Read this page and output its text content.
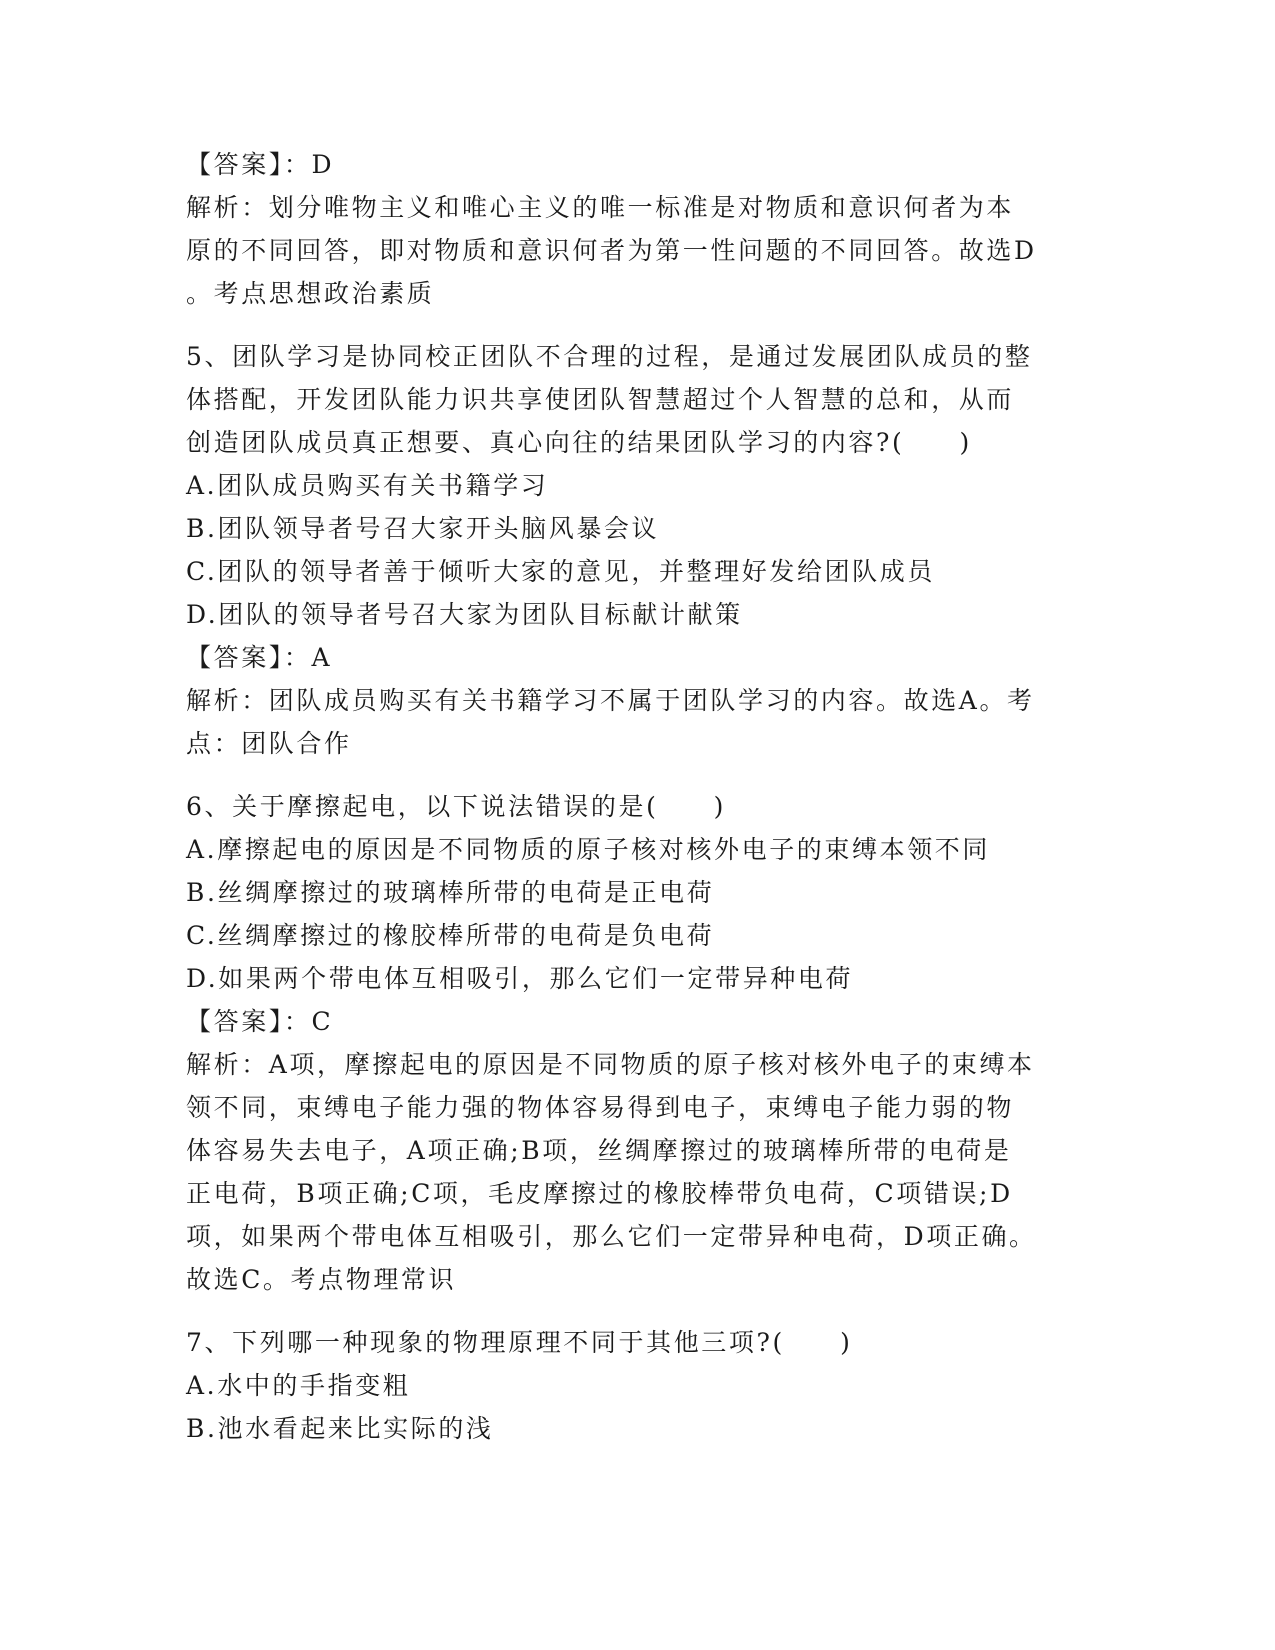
【答案】：D
解析：划分唯物主义和唯心主义的唯一标准是对物质和意识何者为本
原的不同回答，即对物质和意识何者为第一性问题的不同回答。故选D
。考点思想政治素质
5、团队学习是协同校正团队不合理的过程，是通过发展团队成员的整
体搭配，开发团队能力识共享使团队智慧超过个人智慧的总和，从而
创造团队成员真正想要、真心向往的结果团队学习的内容?(　　)
A.团队成员购买有关书籍学习
B.团队领导者号召大家开头脑风暴会议
C.团队的领导者善于倾听大家的意见，并整理好发给团队成员
D.团队的领导者号召大家为团队目标献计献策
【答案】：A
解析：团队成员购买有关书籍学习不属于团队学习的内容。故选A。考
点：团队合作
6、关于摩擦起电，以下说法错误的是(　　)
A.摩擦起电的原因是不同物质的原子核对核外电子的束缚本领不同
B.丝绸摩擦过的玻璃棒所带的电荷是正电荷
C.丝绸摩擦过的橡胶棒所带的电荷是负电荷
D.如果两个带电体互相吸引，那么它们一定带异种电荷
【答案】：C
解析：A项，摩擦起电的原因是不同物质的原子核对核外电子的束缚本
领不同，束缚电子能力强的物体容易得到电子，束缚电子能力弱的物
体容易失去电子，A项正确;B项，丝绸摩擦过的玻璃棒所带的电荷是
正电荷，B项正确;C项，毛皮摩擦过的橡胶棒带负电荷，C项错误;D
项，如果两个带电体互相吸引，那么它们一定带异种电荷，D项正确。
故选C。考点物理常识
7、下列哪一种现象的物理原理不同于其他三项?(　　)
A.水中的手指变粗
B.池水看起来比实际的浅
